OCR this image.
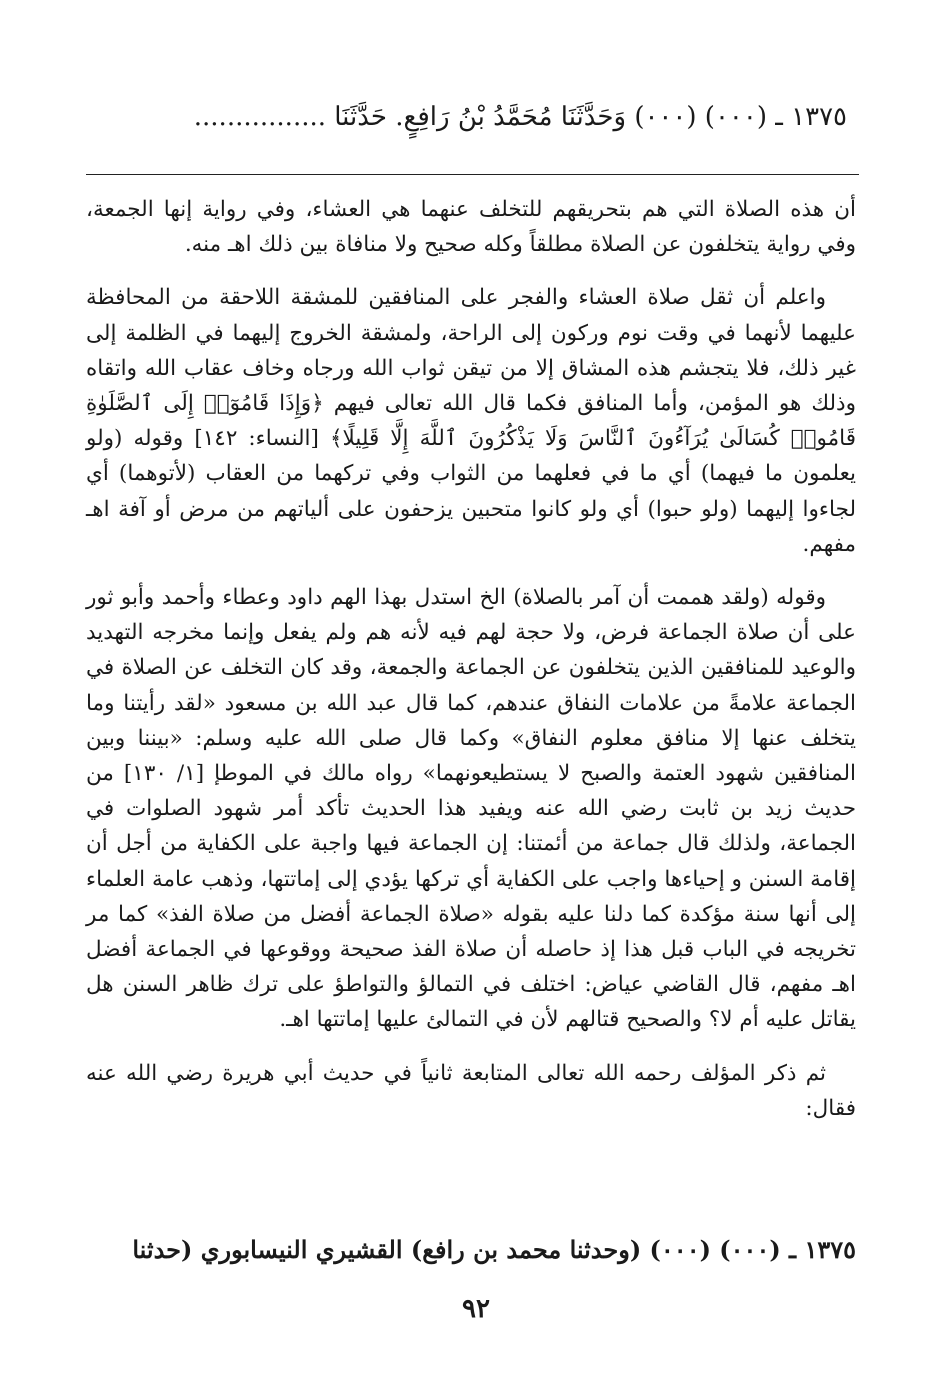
١٣٧٥ ـ (٠٠٠) (٠٠٠) وَحَدَّثَنَا مُحَمَّدُ بْنُ رَافِعٍ. حَدَّثَنَا ................

أن هذه الصلاة التي هم بتحريقهم للتخلف عنهما هي العشاء، وفي رواية إنها الجمعة، وفي رواية يتخلفون عن الصلاة مطلقاً وكله صحيح ولا منافاة بين ذلك اهـ منه.

واعلم أن ثقل صلاة العشاء والفجر على المنافقين للمشقة اللاحقة من المحافظة عليهما لأنهما في وقت نوم وركون إلى الراحة، ولمشقة الخروج إليهما في الظلمة إلى غير ذلك، فلا يتجشم هذه المشاق إلا من تيقن ثواب الله ورجاه وخاف عقاب الله واتقاه وذلك هو المؤمن، وأما المنافق فكما قال الله تعالى فيهم ﴿وَإِذَا قَامُوٓا۟ إِلَى ٱلصَّلَوٰةِ قَامُوا۟ كُسَالَىٰ يُرَآءُونَ ٱلنَّاسَ وَلَا يَذْكُرُونَ ٱللَّهَ إِلَّا قَلِيلًا﴾ [النساء: ١٤٢] وقوله (ولو يعلمون ما فيهما) أي ما في فعلهما من الثواب وفي تركهما من العقاب (لأتوهما) أي لجاءوا إليهما (ولو حبوا) أي ولو كانوا متحبين يزحفون على ألياتهم من مرض أو آفة اهـ مفهم.

وقوله (ولقد هممت أن آمر بالصلاة) الخ استدل بهذا الهم داود وعطاء وأحمد وأبو ثور على أن صلاة الجماعة فرض، ولا حجة لهم فيه لأنه هم ولم يفعل وإنما مخرجه التهديد والوعيد للمنافقين الذين يتخلفون عن الجماعة والجمعة، وقد كان التخلف عن الصلاة في الجماعة علامةً من علامات النفاق عندهم، كما قال عبد الله بن مسعود «لقد رأيتنا وما يتخلف عنها إلا منافق معلوم النفاق» وكما قال صلى الله عليه وسلم: «بيننا وبين المنافقين شهود العتمة والصبح لا يستطيعونهما» رواه مالك في الموطإ [١/ ١٣٠] من حديث زيد بن ثابت رضي الله عنه ويفيد هذا الحديث تأكد أمر شهود الصلوات في الجماعة، ولذلك قال جماعة من أئمتنا: إن الجماعة فيها واجبة على الكفاية من أجل أن إقامة السنن و إحياءها واجب على الكفاية أي تركها يؤدي إلى إماتتها، وذهب عامة العلماء إلى أنها سنة مؤكدة كما دلنا عليه بقوله «صلاة الجماعة أفضل من صلاة الفذ» كما مر تخريجه في الباب قبل هذا إذ حاصله أن صلاة الفذ صحيحة ووقوعها في الجماعة أفضل اهـ مفهم، قال القاضي عياض: اختلف في التمالؤ والتواطؤ على ترك ظاهر السنن هل يقاتل عليه أم لا؟ والصحيح قتالهم لأن في التمالئ عليها إماتتها اهـ.

ثم ذكر المؤلف رحمه الله تعالى المتابعة ثانياً في حديث أبي هريرة رضي الله عنه فقال:

١٣٧٥ ـ (٠٠٠) (٠٠٠) (وحدثنا محمد بن رافع) القشيري النيسابوري (حدثنا
٩٢
